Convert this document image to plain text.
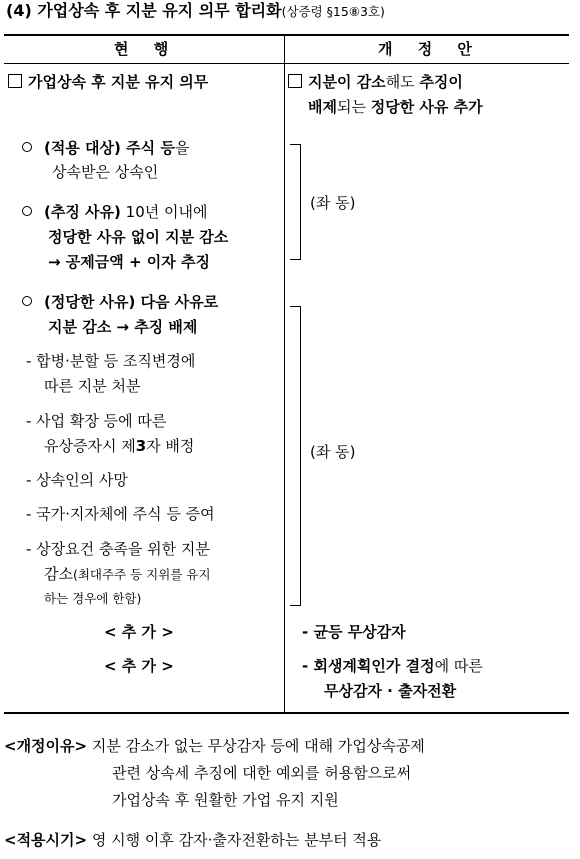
(4) 가업상속 후 지분 유지 의무 합리화(상증령 §15⑧3호)
현 행	개 정 안
가업상속 후 지분 유지 의무
(적용 대상) 주식 등을
상속받은 상속인
(추징 사유) 10년 이내에
정당한 사유 없이 지분 감소
→ 공제금액 + 이자 추징
(정당한 사유) 다음 사유로
지분 감소 → 추징 배제
- 합병·분할 등 조직변경에
따른 지분 처분
- 사업 확장 등에 따른
유상증자시 제3자 배정
- 상속인의 사망
- 국가·지자체에 주식 등 증여
- 상장요건 충족을 위한 지분
감소(최대주주 등 지위를 유지
하는 경우에 한함)
< 추 가 >
< 추 가 >
지분이 감소해도 추징이
배제되는 정당한 사유 추가
(좌 동)
(좌 동)
- 균등 무상감자
- 회생계획인가 결정에 따른
무상감자 · 출자전환
<개정이유> 지분 감소가 없는 무상감자 등에 대해 가업상속공제
관련 상속세 추징에 대한 예외를 허용함으로써
가업상속 후 원활한 가업 유지 지원
<적용시기> 영 시행 이후 감자·출자전환하는 분부터 적용
